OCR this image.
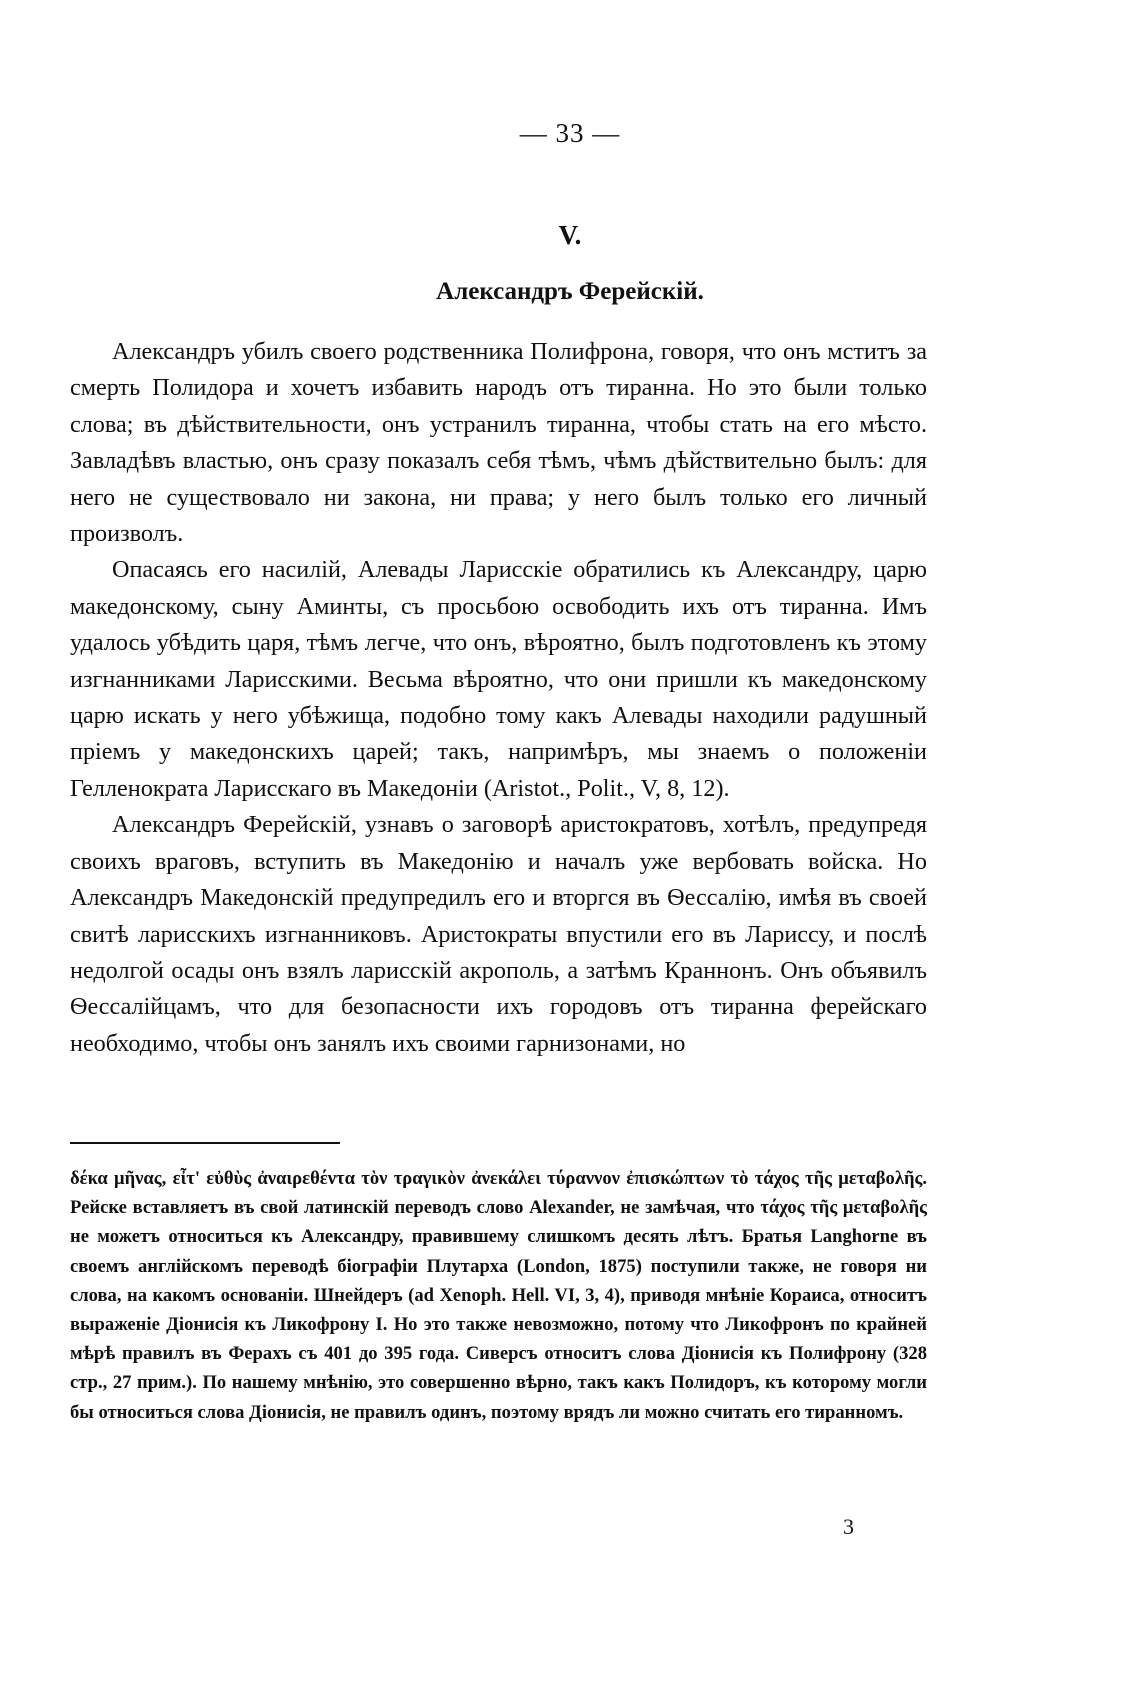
— 33 —
V.
Александръ Ферейскій.

Александръ убилъ своего родственника Полифрона, говоря, что онъ мститъ за смерть Полидора и хочетъ избавить народъ отъ тиранна. Но это были только слова; въ дѣйствительности, онъ устранилъ тиранна, чтобы стать на его мѣсто. Завладѣвъ властью, онъ сразу показалъ себя тѣмъ, чѣмъ дѣйствительно былъ: для него не существовало ни закона, ни права; у него былъ только его личный произволъ.

Опасаясь его насилій, Алевады Ларисскіе обратились къ Александру, царю македонскому, сыну Аминты, съ просьбою освободить ихъ отъ тиранна. Имъ удалось убѣдить царя, тѣмъ легче, что онъ, вѣроятно, былъ подготовленъ къ этому изгнанниками Ларисскими. Весьма вѣроятно, что они пришли къ македонскому царю искать у него убѣжища, подобно тому какъ Алевады находили радушный пріемъ у македонскихъ царей; такъ, напримѣръ, мы знаемъ о положеніи Гелленократа Ларисскаго въ Македоніи (Aristot., Polit., V, 8, 12).

Александръ Ферейскій, узнавъ о заговорѣ аристократовъ, хотѣлъ, предупредя своихъ враговъ, вступить въ Македонію и началъ уже вербовать войска. Но Александръ Македонскій предупредилъ его и вторгся въ Ѳессалію, имѣя въ своей свитѣ ларисскихъ изгнанниковъ. Аристократы впустили его въ Лариссу, и послѣ недолгой осады онъ взялъ ларисскій акрополь, а затѣмъ Краннонъ. Онъ объявилъ Ѳессалійцамъ, что для безопасности ихъ городовъ отъ тиранна ферейскаго необходимо, чтобы онъ занялъ ихъ своими гарнизонами, но

δέκα μῆνας, εἶτ' εὐθὺς ἀναιρεθέντα τὸν τραγικὸν ἀνεκάλει τύραννον ἐπισκώπτων τὸ τάχος τῆς μεταβολῆς. Рейске вставляетъ въ свой латинскій переводъ слово Alexander, не замѣчая, что τάχος τῆς μεταβολῆς не можетъ относиться къ Александру, правившему слишкомъ десять лѣтъ. Братья Langhorne въ своемъ англійскомъ переводѣ біографіи Плутарха (London, 1875) поступили также, не говоря ни слова, на какомъ основаніи. Шнейдеръ (ad Xenoph. Hell. VI, 3, 4), приводя мнѣніе Кораиса, относитъ выраженіе Діонисія къ Ликофрону I. Но это также невозможно, потому что Ликофронъ по крайней мѣрѣ правилъ въ Ферахъ съ 401 до 395 года. Сиверсъ относитъ слова Діонисія къ Полифрону (328 стр., 27 прим.). По нашему мнѣнію, это совершенно вѣрно, такъ какъ Полидоръ, къ которому могли бы относиться слова Діонисія, не правилъ одинъ, поэтому врядъ ли можно считать его тиранномъ.

3
